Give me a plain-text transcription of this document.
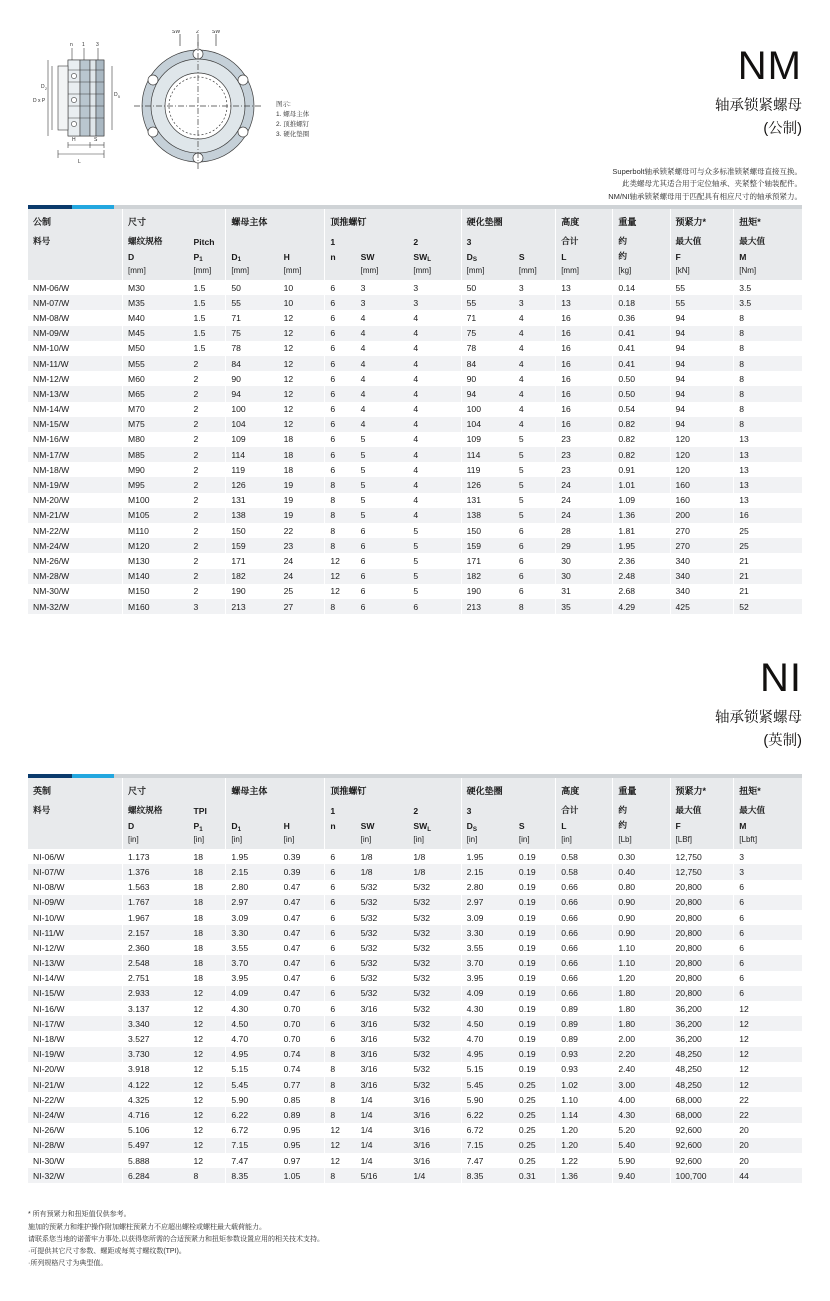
n 1 3
D 2
D x P
D 5
H	S
L
SW	2	SW
图示:
1. 螺母主体
2. 顶推螺钉
3. 硬化垫圈
NM
轴承锁紧螺母
(公制)
Superbolt轴承锁紧螺母可与众多标准锁紧螺母直接互换。
此类螺母尤其适合用于定位轴承、夹紧整个轴装配件。
NM/NI轴承锁紧螺母用于匹配具有相应尺寸的轴承预紧力。
公制	尺寸		螺母主体		顶推螺钉			硬化垫圈		高度	重量	预紧力*	扭矩*
料号	螺纹规格	Pitch			1		2	3		合计	约	最大值	最大值
	D	$P_1$	$D_1$	H	n	SW	$SW_L$	$D_S$	S	L	约	F	M
	[mm]	[mm]	[mm]	[mm]		[mm]	[mm]	[mm]	[mm]	[mm]	[kg]	[kN]	[Nm]
NM-06/W	M30	1.5	50	10	6	3	3	50	3	13	0.14	55	3.5
NM-07/W	M35	1.5	55	10	6	3	3	55	3	13	0.18	55	3.5
NM-08/W	M40	1.5	71	12	6	4	4	71	4	16	0.36	94	8
NM-09/W	M45	1.5	75	12	6	4	4	75	4	16	0.41	94	8
NM-10/W	M50	1.5	78	12	6	4	4	78	4	16	0.41	94	8
NM-11/W	M55	2	84	12	6	4	4	84	4	16	0.41	94	8
NM-12/W	M60	2	90	12	6	4	4	90	4	16	0.50	94	8
NM-13/W	M65	2	94	12	6	4	4	94	4	16	0.50	94	8
NM-14/W	M70	2	100	12	6	4	4	100	4	16	0.54	94	8
NM-15/W	M75	2	104	12	6	4	4	104	4	16	0.82	94	8
NM-16/W	M80	2	109	18	6	5	4	109	5	23	0.82	120	13
NM-17/W	M85	2	114	18	6	5	4	114	5	23	0.82	120	13
NM-18/W	M90	2	119	18	6	5	4	119	5	23	0.91	120	13
NM-19/W	M95	2	126	19	8	5	4	126	5	24	1.01	160	13
NM-20/W	M100	2	131	19	8	5	4	131	5	24	1.09	160	13
NM-21/W	M105	2	138	19	8	5	4	138	5	24	1.36	200	16
NM-22/W	M110	2	150	22	8	6	5	150	6	28	1.81	270	25
NM-24/W	M120	2	159	23	8	6	5	159	6	29	1.95	270	25
NM-26/W	M130	2	171	24	12	6	5	171	6	30	2.36	340	21
NM-28/W	M140	2	182	24	12	6	5	182	6	30	2.48	340	21
NM-30/W	M150	2	190	25	12	6	5	190	6	31	2.68	340	21
NM-32/W	M160	3	213	27	8	6	6	213	8	35	4.29	425	52
NI
轴承锁紧螺母
(英制)
英制	尺寸		螺母主体		顶推螺钉			硬化垫圈		高度	重量	预紧力*	扭矩*
料号	螺纹规格	TPI			1		2	3		合计	约	最大值	最大值
	D	$P_1$	$D_1$	H	n	SW	$SW_L$	$D_S$	S	L	约	F	M
	[in]	[in]	[in]	[in]		[in]	[in]	[in]	[in]	[in]	[Lb]	[LBf]	[Lbft]
NI-06/W	1.173	18	1.95	0.39	6	1/8	1/8	1.95	0.19	0.58	0.30	12,750	3
NI-07/W	1.376	18	2.15	0.39	6	1/8	1/8	2.15	0.19	0.58	0.40	12,750	3
NI-08/W	1.563	18	2.80	0.47	6	5/32	5/32	2.80	0.19	0.66	0.80	20,800	6
NI-09/W	1.767	18	2.97	0.47	6	5/32	5/32	2.97	0.19	0.66	0.90	20,800	6
NI-10/W	1.967	18	3.09	0.47	6	5/32	5/32	3.09	0.19	0.66	0.90	20,800	6
NI-11/W	2.157	18	3.30	0.47	6	5/32	5/32	3.30	0.19	0.66	0.90	20,800	6
NI-12/W	2.360	18	3.55	0.47	6	5/32	5/32	3.55	0.19	0.66	1.10	20,800	6
NI-13/W	2.548	18	3.70	0.47	6	5/32	5/32	3.70	0.19	0.66	1.10	20,800	6
NI-14/W	2.751	18	3.95	0.47	6	5/32	5/32	3.95	0.19	0.66	1.20	20,800	6
NI-15/W	2.933	12	4.09	0.47	6	5/32	5/32	4.09	0.19	0.66	1.80	20,800	6
NI-16/W	3.137	12	4.30	0.70	6	3/16	5/32	4.30	0.19	0.89	1.80	36,200	12
NI-17/W	3.340	12	4.50	0.70	6	3/16	5/32	4.50	0.19	0.89	1.80	36,200	12
NI-18/W	3.527	12	4.70	0.70	6	3/16	5/32	4.70	0.19	0.89	2.00	36,200	12
NI-19/W	3.730	12	4.95	0.74	8	3/16	5/32	4.95	0.19	0.93	2.20	48,250	12
NI-20/W	3.918	12	5.15	0.74	8	3/16	5/32	5.15	0.19	0.93	2.40	48,250	12
NI-21/W	4.122	12	5.45	0.77	8	3/16	5/32	5.45	0.25	1.02	3.00	48,250	12
NI-22/W	4.325	12	5.90	0.85	8	1/4	3/16	5.90	0.25	1.10	4.00	68,000	22
NI-24/W	4.716	12	6.22	0.89	8	1/4	3/16	6.22	0.25	1.14	4.30	68,000	22
NI-26/W	5.106	12	6.72	0.95	12	1/4	3/16	6.72	0.25	1.20	5.20	92,600	20
NI-28/W	5.497	12	7.15	0.95	12	1/4	3/16	7.15	0.25	1.20	5.40	92,600	20
NI-30/W	5.888	12	7.47	0.97	12	1/4	3/16	7.47	0.25	1.22	5.90	92,600	20
NI-32/W	6.284	8	8.35	1.05	8	5/16	1/4	8.35	0.31	1.36	9.40	100,700	44
* 所有预紧力和扭矩值仅供参考。
施加的预紧力和维护操作附加螺柱预紧力不应超出螺栓或螺柱最大载荷能力。
请联系您当地的诺蕾牢力事处,以获得您所需的合适预紧力和扭矩参数设置应用的相关技术支持。
·可提供其它尺寸参数、螺距或每英寸螺纹数(TPI)。
·所列规格尺寸为典型值。
